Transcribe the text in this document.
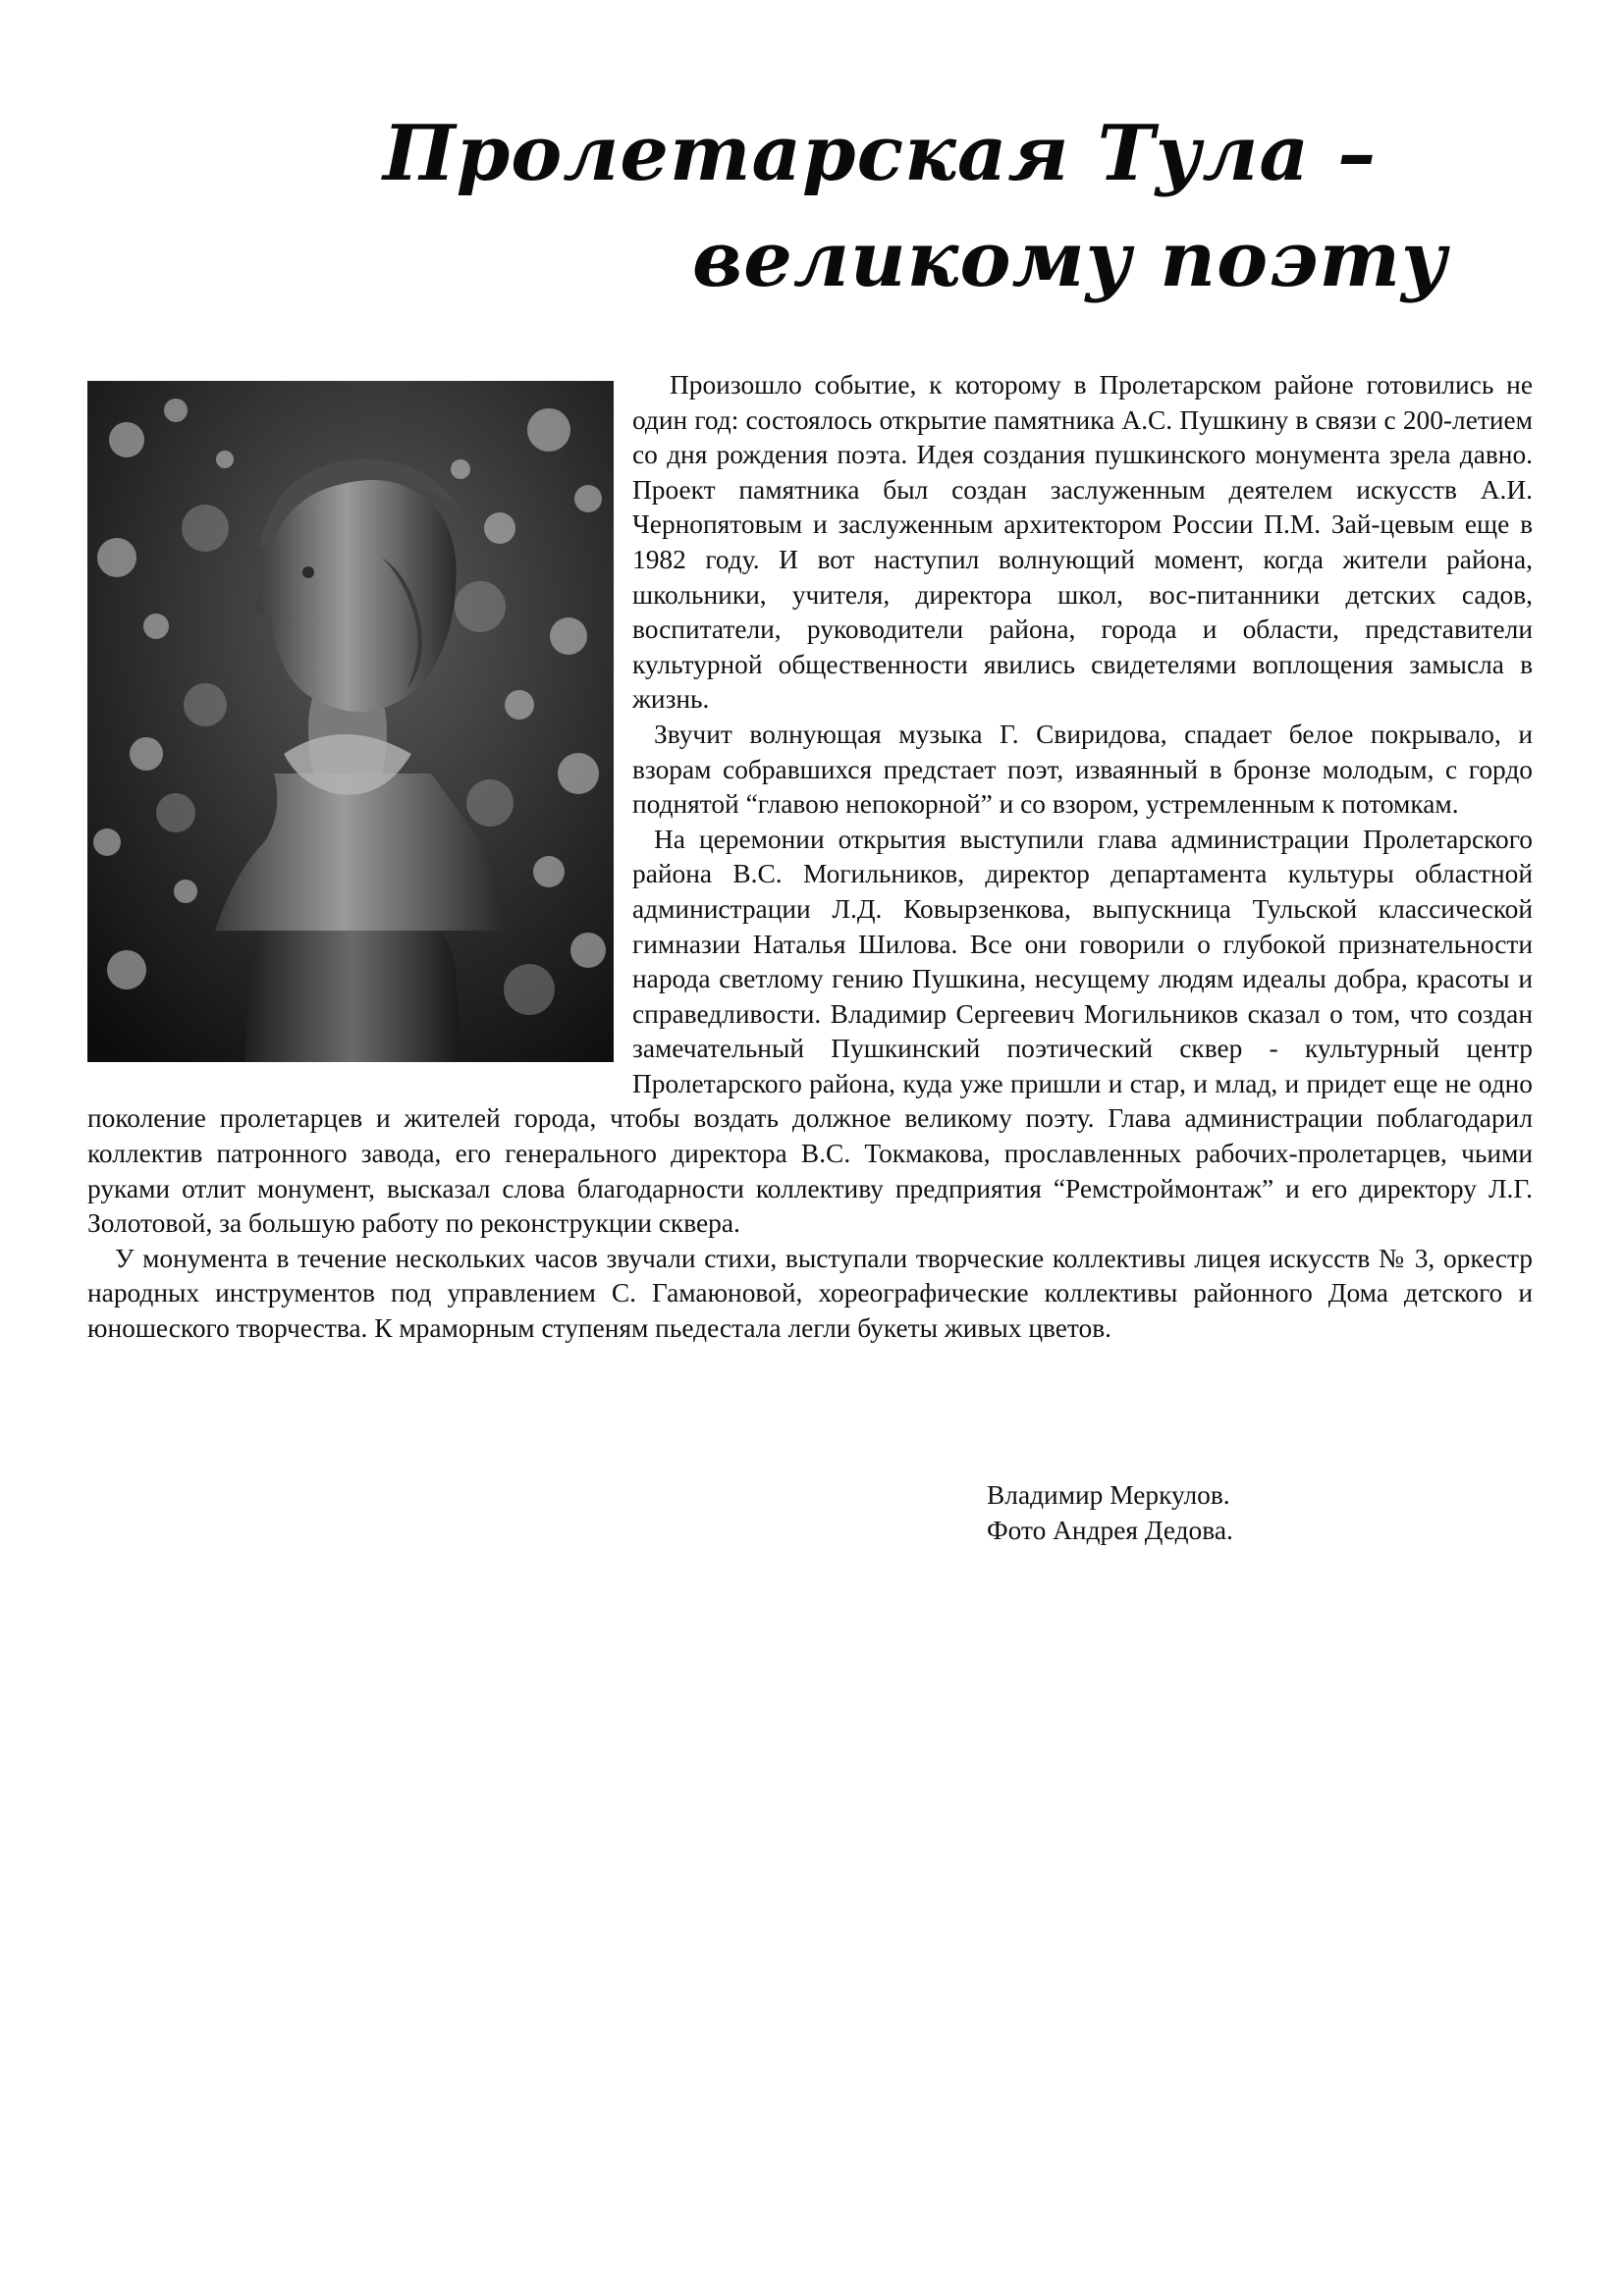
Пролетарская Тула –
великому поэту

Произошло событие, к которому в Пролетарском районе готовились не один год: состоялось открытие памятника А.С. Пушкину в связи с 200-летием со дня рождения поэта. Идея создания пушкинского монумента зрела давно. Проект памятника был создан заслуженным деятелем искусств А.И. Чернопятовым и заслуженным архитектором России П.М. Зай-цевым еще в 1982 году. И вот наступил волнующий момент, когда жители района, школьники, учителя, директора школ, вос-питанники детских садов, воспитатели, руководители района, города и области, представители культурной общественности явились свидетелями воплощения замысла в жизнь.

Звучит волнующая музыка Г. Свиридова, спадает белое покрывало, и взорам собравшихся предстает поэт, изваянный в бронзе молодым, с гордо поднятой “главою непокорной” и со взором, устремленным к потомкам.

На церемонии открытия выступили глава администрации Пролетарского района В.С. Могильников, директор департамента культуры областной администрации Л.Д. Ковырзенкова, выпускница Тульской классической гимназии Наталья Шилова. Все они говорили о глубокой признательности народа светлому гению Пушкина, несущему людям идеалы добра, красоты и справедливости. Владимир Сергеевич Могильников сказал о том, что создан замечательный Пушкинский поэтический сквер - культурный центр Пролетарского района, куда уже пришли и стар, и млад, и придет еще не одно поколение пролетарцев и жителей города, чтобы воздать должное великому поэту. Глава администрации поблагодарил коллектив патронного завода, его генерального директора В.С. Токмакова, прославленных рабочих-пролетарцев, чьими руками отлит монумент, высказал слова благодарности коллективу предприятия “Ремстроймонтаж” и его директору Л.Г. Золотовой, за большую работу по реконструкции сквера.

У монумента в течение нескольких часов звучали стихи, выступали творческие коллективы лицея искусств № 3, оркестр народных инструментов под управлением С. Гамаюновой, хореографические коллективы районного Дома детского и юношеского творчества. К мраморным ступеням пьедестала легли букеты живых цветов.

Владимир Меркулов.
Фото Андрея Дедова.
